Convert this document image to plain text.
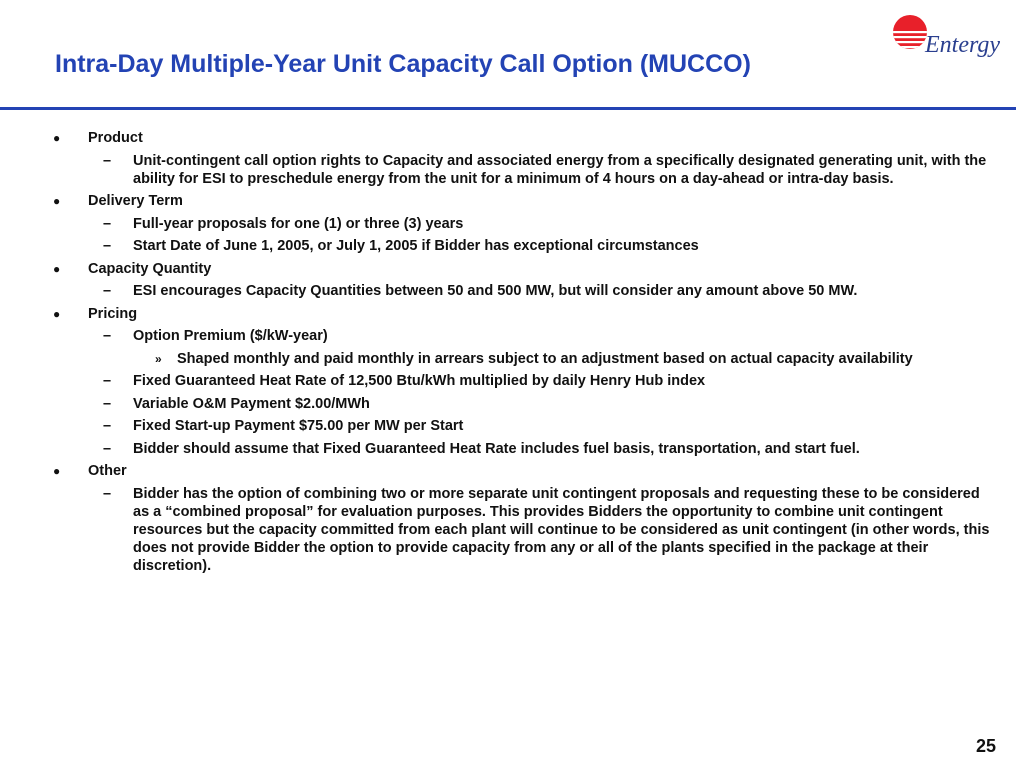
Intra-Day Multiple-Year Unit Capacity Call Option (MUCCO)
Entergy
● Product
– Unit-contingent call option rights to Capacity and associated energy from a specifically designated generating unit, with the ability for ESI to preschedule energy from the unit for a minimum of 4 hours on a day-ahead or intra-day basis.
● Delivery Term
– Full-year proposals for one (1) or three (3) years
– Start Date of June 1, 2005, or July 1, 2005 if Bidder has exceptional circumstances
● Capacity Quantity
– ESI encourages Capacity Quantities between 50 and 500 MW, but will consider any amount above 50 MW.
● Pricing
– Option Premium ($/kW-year)
» Shaped monthly and paid monthly in arrears subject to an adjustment based on actual capacity availability
– Fixed Guaranteed Heat Rate of 12,500 Btu/kWh multiplied by daily Henry Hub index
– Variable O&M Payment $2.00/MWh
– Fixed Start-up Payment $75.00 per MW per Start
– Bidder should assume that Fixed Guaranteed Heat Rate includes fuel basis, transportation, and start fuel.
● Other
– Bidder has the option of combining two or more separate unit contingent proposals and requesting these to be considered as a “combined proposal” for evaluation purposes. This provides Bidders the opportunity to combine unit contingent resources but the capacity committed from each plant will continue to be considered as unit contingent (in other words, this does not provide Bidder the option to provide capacity from any or all of the plants specified in the package at their discretion).
25
